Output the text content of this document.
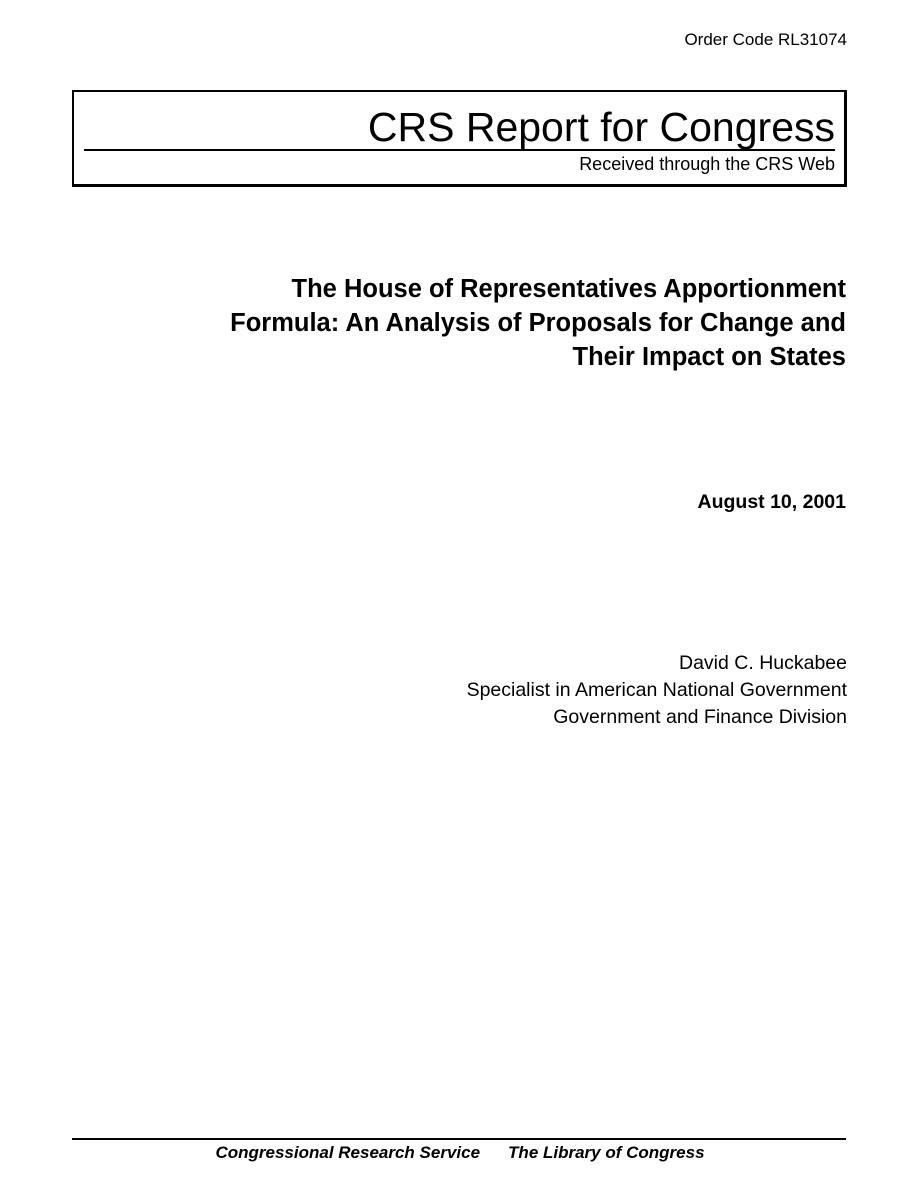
Order Code RL31074
CRS Report for Congress
Received through the CRS Web
The House of Representatives Apportionment
Formula: An Analysis of Proposals for Change and
Their Impact on States
August 10, 2001
David C. Huckabee
Specialist in American National Government
Government and Finance Division
Congressional Research Service The Library of Congress
